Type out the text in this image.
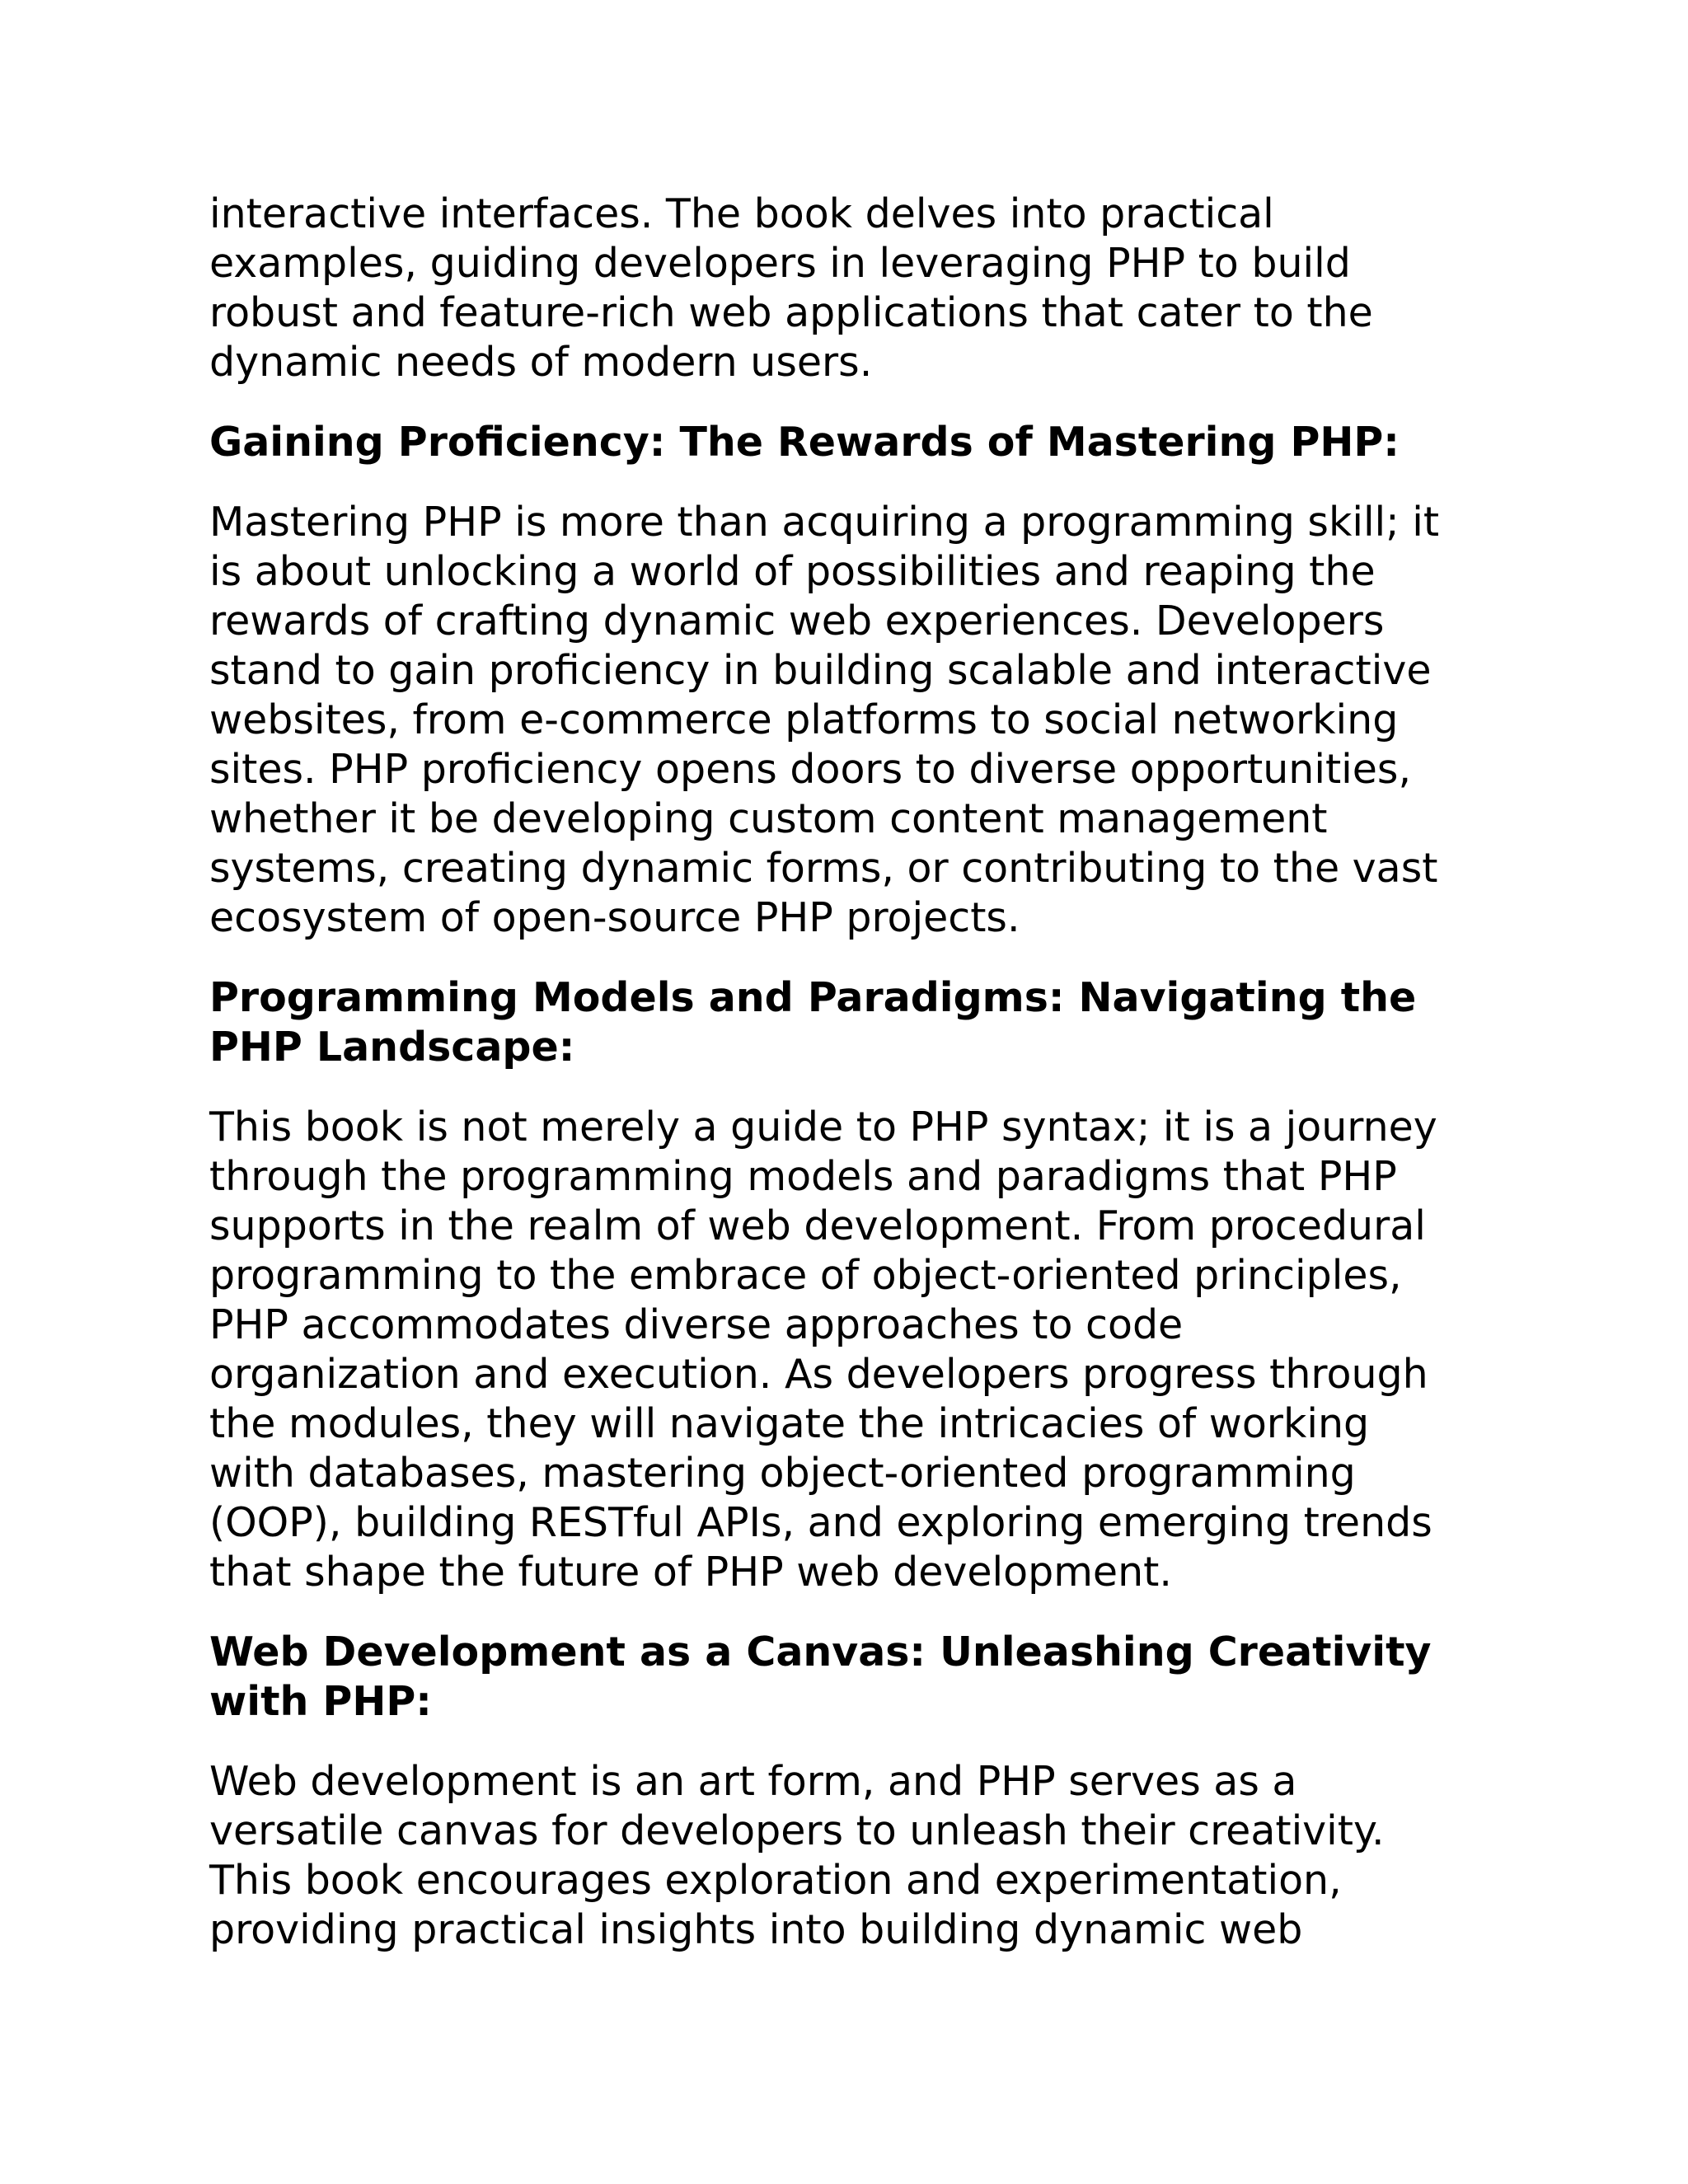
interactive interfaces. The book delves into practical
examples, guiding developers in leveraging PHP to build
robust and feature-rich web applications that cater to the
dynamic needs of modern users.

Gaining Proficiency: The Rewards of Mastering PHP:

Mastering PHP is more than acquiring a programming skill; it
is about unlocking a world of possibilities and reaping the
rewards of crafting dynamic web experiences. Developers
stand to gain proficiency in building scalable and interactive
websites, from e-commerce platforms to social networking
sites. PHP proficiency opens doors to diverse opportunities,
whether it be developing custom content management
systems, creating dynamic forms, or contributing to the vast
ecosystem of open-source PHP projects.

Programming Models and Paradigms: Navigating the
PHP Landscape:

This book is not merely a guide to PHP syntax; it is a journey
through the programming models and paradigms that PHP
supports in the realm of web development. From procedural
programming to the embrace of object-oriented principles,
PHP accommodates diverse approaches to code
organization and execution. As developers progress through
the modules, they will navigate the intricacies of working
with databases, mastering object-oriented programming
(OOP), building RESTful APIs, and exploring emerging trends
that shape the future of PHP web development.

Web Development as a Canvas: Unleashing Creativity
with PHP:

Web development is an art form, and PHP serves as a
versatile canvas for developers to unleash their creativity.
This book encourages exploration and experimentation,
providing practical insights into building dynamic web
